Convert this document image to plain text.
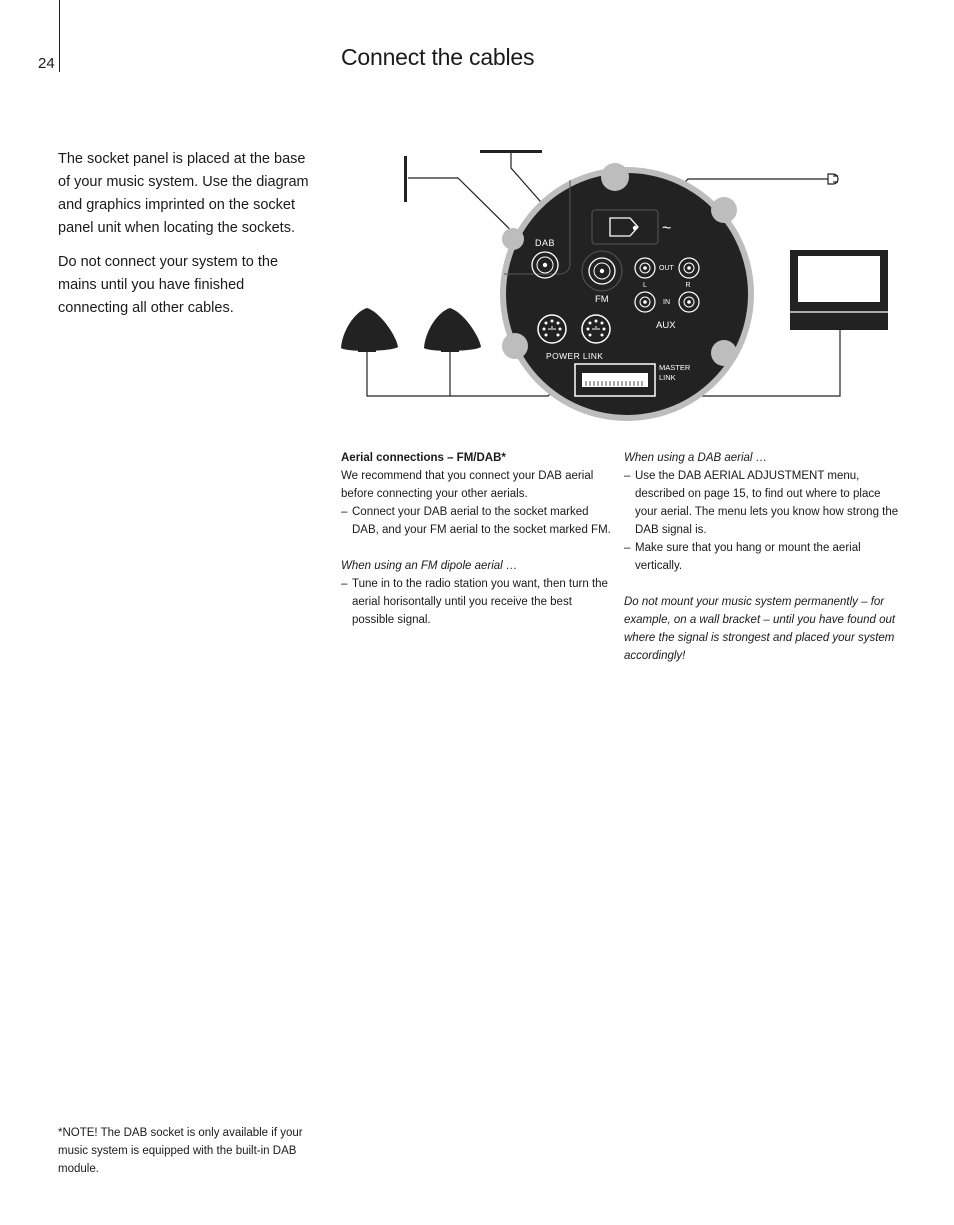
24	Connect the cables

The socket panel is placed at the base of your music system. Use the diagram and graphics imprinted on the socket panel unit when locating the sockets.

Do not connect your system to the mains until you have finished connecting all other cables.

~
DAB
FM
OUT
IN
L	R
AUX
POWER LINK
MASTER
LINK
Aerial connections – FM/DAB*

We recommend that you connect your DAB aerial before connecting your other aerials.

– Connect your DAB aerial to the socket marked DAB, and your FM aerial to the socket marked FM.

When using an FM dipole aerial …

– Tune in to the radio station you want, then turn the aerial horisontally until you receive the best possible signal.

When using a DAB aerial …

– Use the DAB AERIAL ADJUSTMENT menu, described on page 15, to find out where to place your aerial. The menu lets you know how strong the DAB signal is.

– Make sure that you hang or mount the aerial vertically.

Do not mount your music system permanently – for example, on a wall bracket – until you have found out where the signal is strongest and placed your system accordingly!

*NOTE! The DAB socket is only available if your music system is equipped with the built-in DAB module.
